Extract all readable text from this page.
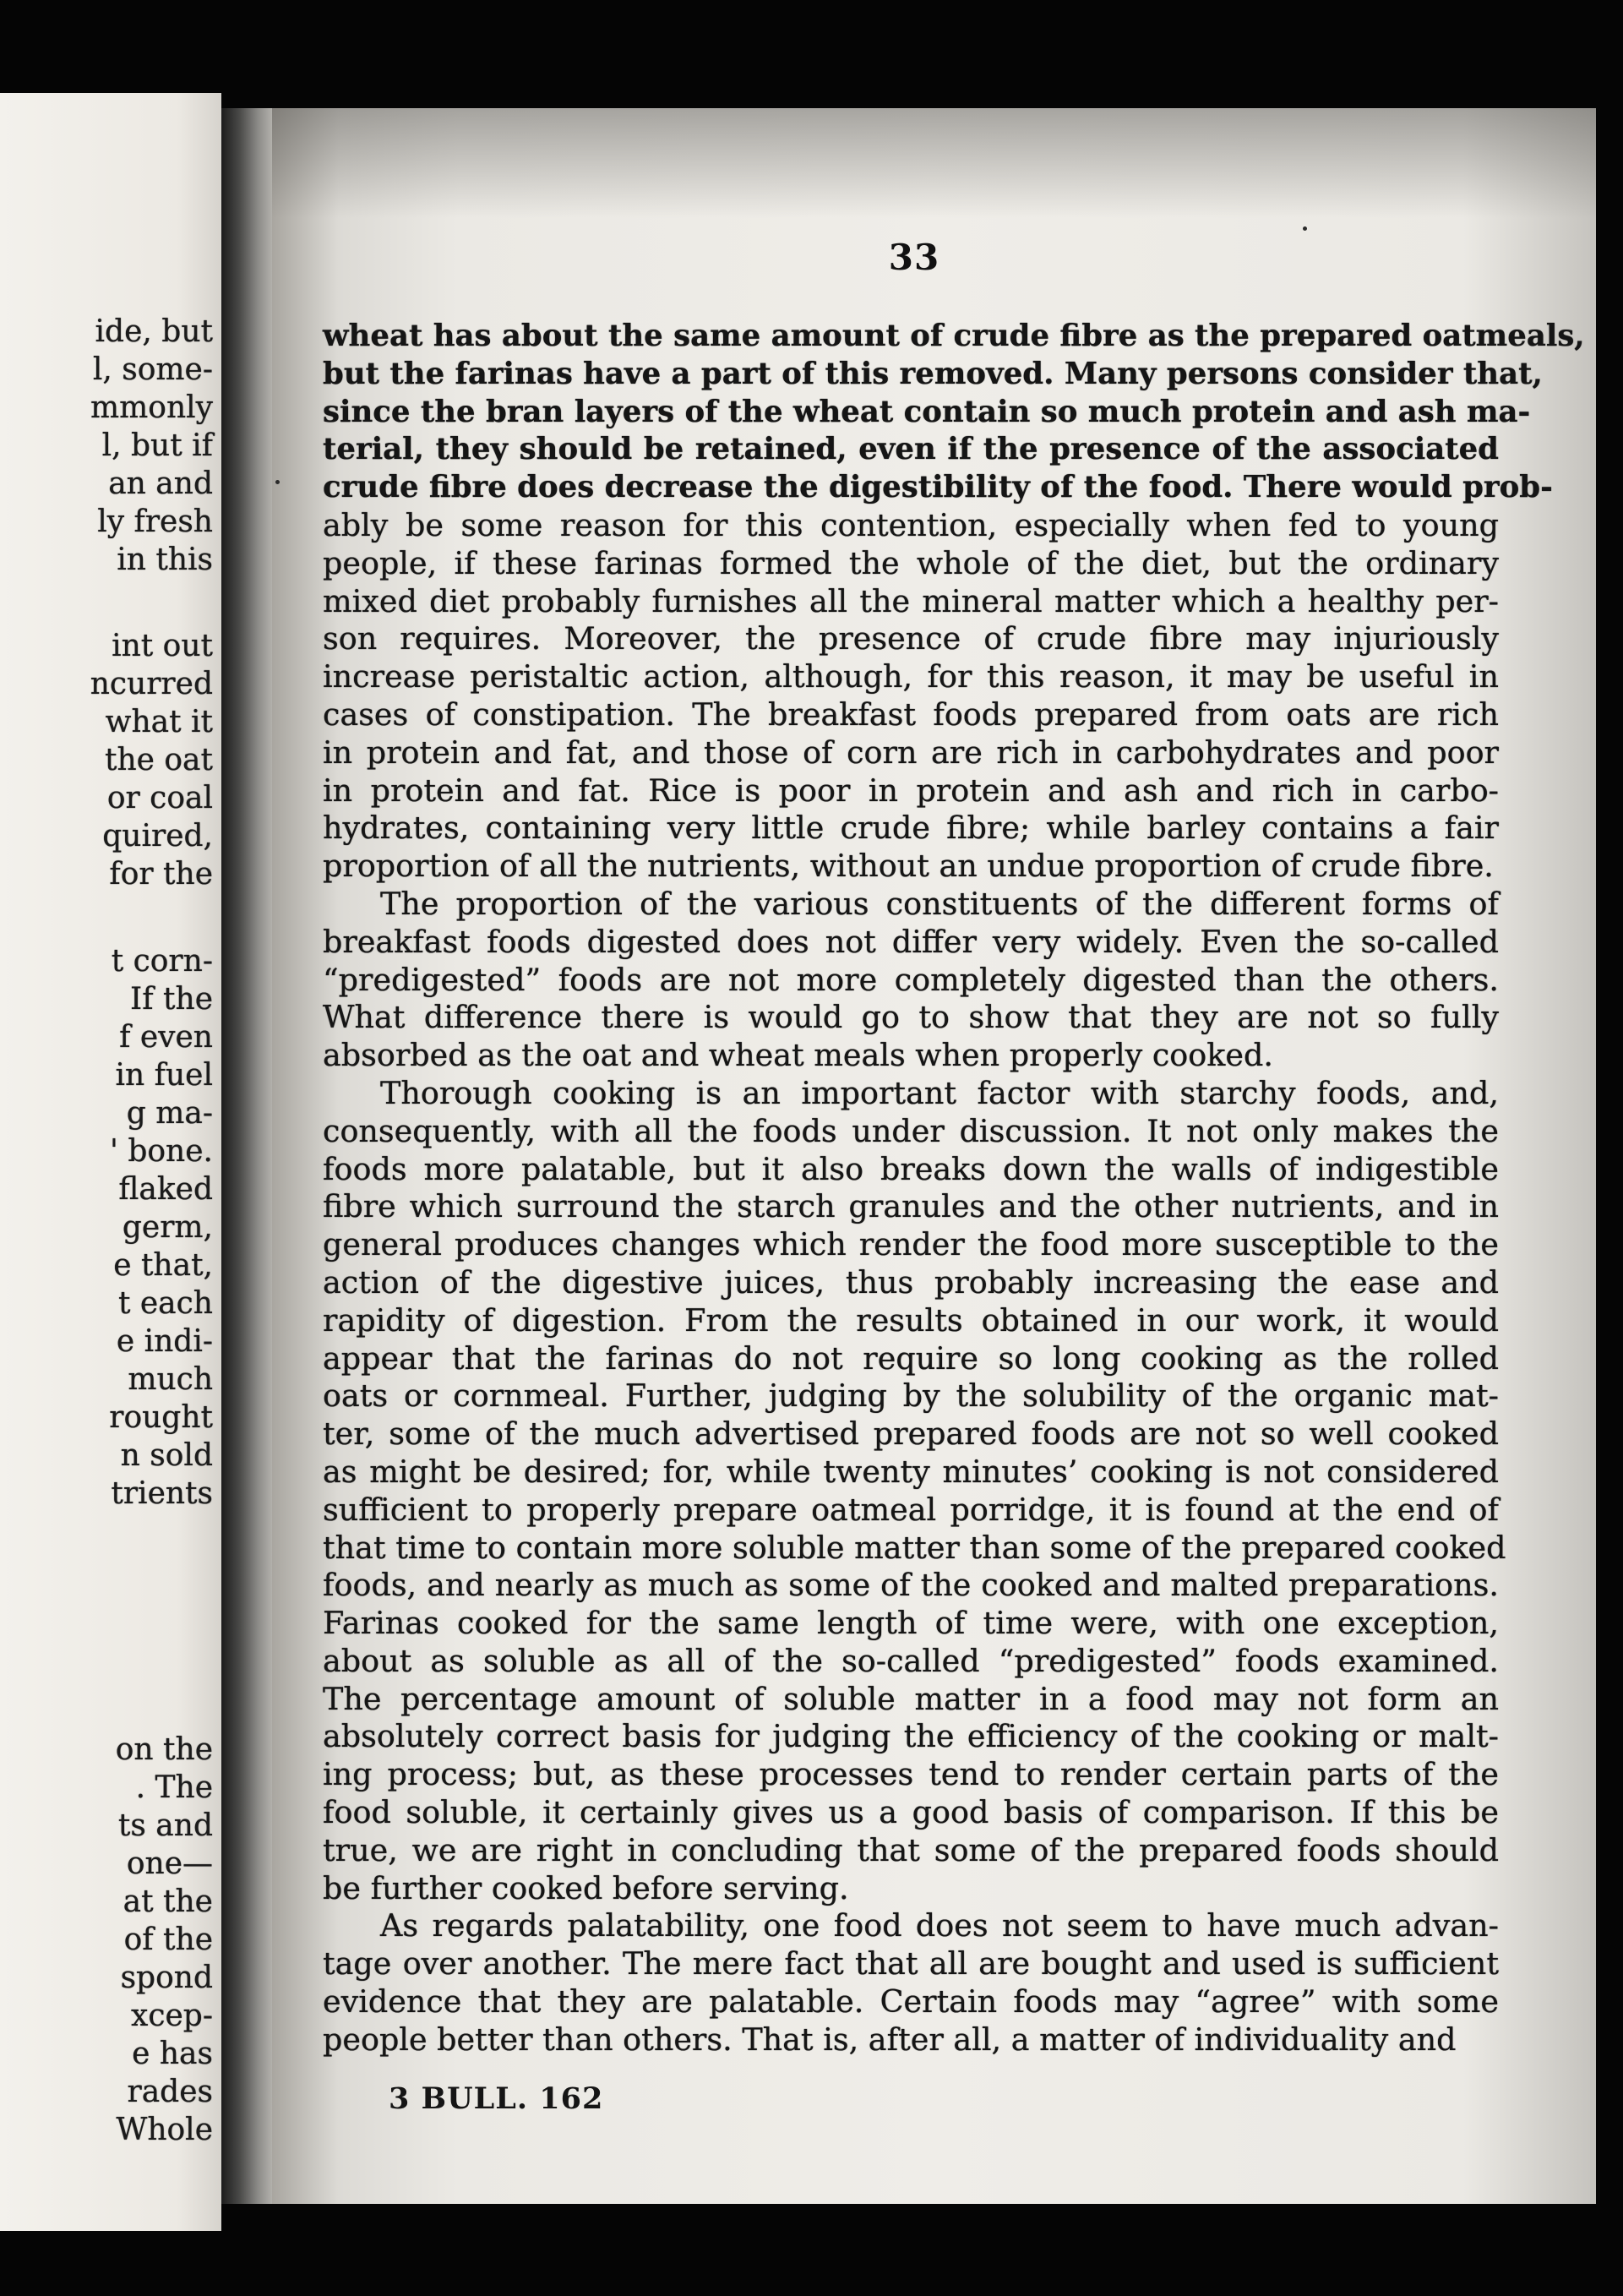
ide, but
l, some-
mmonly
l, but if
an and
ly fresh
in this
int out
ncurred
what it
the oat
or coal
quired,
for the
t corn-
If the
f even
in fuel
g ma-
' bone.
flaked
germ,
e that,
t each
e indi-
much
rought
n sold
trients
on the
. The
ts and
one—
at the
of the
spond
xcep-
e has
rades
Whole
33
wheat has about the same amount of crude fibre as the prepared oatmeals,
but the farinas have a part of this removed. Many persons consider that,
since the bran layers of the wheat contain so much protein and ash ma-
terial, they should be retained, even if the presence of the associated
crude fibre does decrease the digestibility of the food. There would prob-
ably be some reason for this contention, especially when fed to young
people, if these farinas formed the whole of the diet, but the ordinary
mixed diet probably furnishes all the mineral matter which a healthy per-
son requires. Moreover, the presence of crude fibre may injuriously
increase peristaltic action, although, for this reason, it may be useful in
cases of constipation. The breakfast foods prepared from oats are rich
in protein and fat, and those of corn are rich in carbohydrates and poor
in protein and fat. Rice is poor in protein and ash and rich in carbo-
hydrates, containing very little crude fibre; while barley contains a fair
proportion of all the nutrients, without an undue proportion of crude fibre.
The proportion of the various constituents of the different forms of
breakfast foods digested does not differ very widely. Even the so-called
“predigested” foods are not more completely digested than the others.
What difference there is would go to show that they are not so fully
absorbed as the oat and wheat meals when properly cooked.
Thorough cooking is an important factor with starchy foods, and,
consequently, with all the foods under discussion. It not only makes the
foods more palatable, but it also breaks down the walls of indigestible
fibre which surround the starch granules and the other nutrients, and in
general produces changes which render the food more susceptible to the
action of the digestive juices, thus probably increasing the ease and
rapidity of digestion. From the results obtained in our work, it would
appear that the farinas do not require so long cooking as the rolled
oats or cornmeal. Further, judging by the solubility of the organic mat-
ter, some of the much advertised prepared foods are not so well cooked
as might be desired; for, while twenty minutes’ cooking is not considered
sufficient to properly prepare oatmeal porridge, it is found at the end of
that time to contain more soluble matter than some of the prepared cooked
foods, and nearly as much as some of the cooked and malted preparations.
Farinas cooked for the same length of time were, with one exception,
about as soluble as all of the so-called “predigested” foods examined.
The percentage amount of soluble matter in a food may not form an
absolutely correct basis for judging the efficiency of the cooking or malt-
ing process; but, as these processes tend to render certain parts of the
food soluble, it certainly gives us a good basis of comparison. If this be
true, we are right in concluding that some of the prepared foods should
be further cooked before serving.
As regards palatability, one food does not seem to have much advan-
tage over another. The mere fact that all are bought and used is sufficient
evidence that they are palatable. Certain foods may “agree” with some
people better than others. That is, after all, a matter of individuality and
3 BULL. 162
